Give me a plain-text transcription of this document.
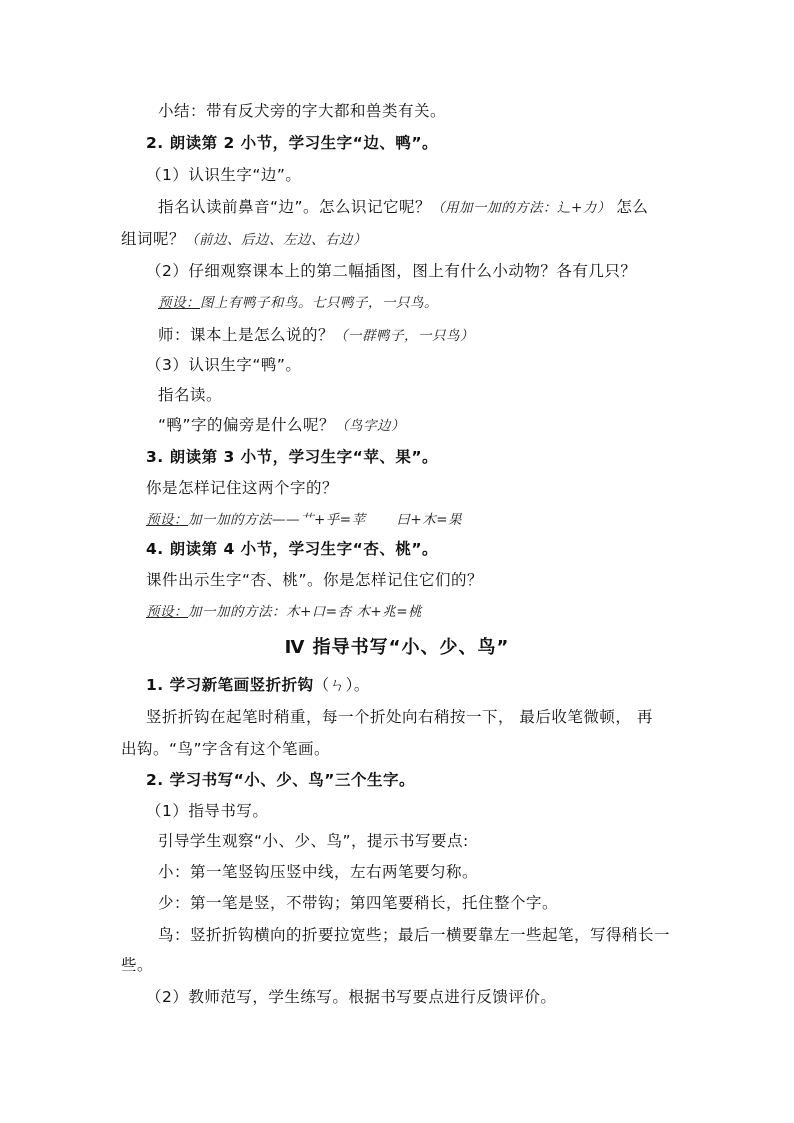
小结：带有反犬旁的字大都和兽类有关。
2. 朗读第 2 小节，学习生字“边、鸭”。
（1）认识生字“边”。
指名认读前鼻音“边”。怎么识记它呢？（用加一加的方法：辶+力） 怎么
组词呢？（前边、后边、左边、右边）
（2）仔细观察课本上的第二幅插图，图上有什么小动物？各有几只？
预设：图上有鸭子和鸟。七只鸭子，一只鸟。
师：课本上是怎么说的？（一群鸭子，一只鸟）
（3）认识生字“鸭”。
指名读。
“鸭”字的偏旁是什么呢？（鸟字边）
3. 朗读第 3 小节，学习生字“苹、果”。
你是怎样记住这两个字的？
预设：加一加的方法——艹+乎=苹 曰+木=果
4. 朗读第 4 小节，学习生字“杏、桃”。
课件出示生字“杏、桃”。你是怎样记住它们的？
预设：加一加的方法：木+口=杏 木+兆=桃
Ⅳ 指导书写“小、少、鸟”
1. 学习新笔画竖折折钩（ㄣ）。
竖折折钩在起笔时稍重，每一个折处向右稍按一下， 最后收笔微顿， 再
出钩。“鸟”字含有这个笔画。
2. 学习书写“小、少、鸟”三个生字。
（1）指导书写。
引导学生观察“小、少、鸟”，提示书写要点:
小：第一笔竖钩压竖中线，左右两笔要匀称。
少：第一笔是竖，不带钩；第四笔要稍长，托住整个字。
鸟：竖折折钩横向的折要拉宽些；最后一横要靠左一些起笔，写得稍长一
些。
（2）教师范写，学生练写。根据书写要点进行反馈评价。
